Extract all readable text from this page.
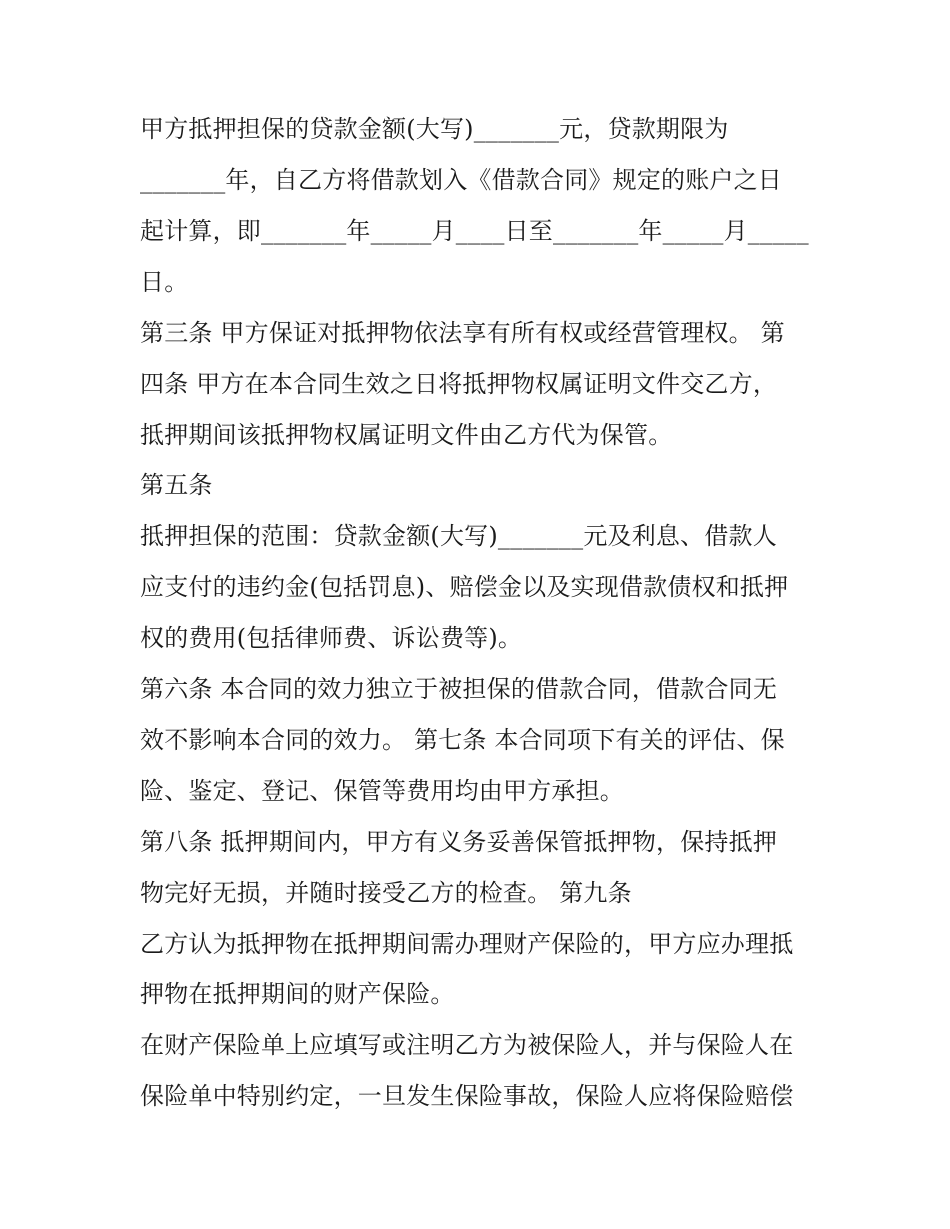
甲方抵押担保的贷款金额(大写)_______元，贷款期限为

_______年，自乙方将借款划入《借款合同》规定的账户之日

起计算，即_______年_____月____日至_______年_____月_____

日。

第三条 甲方保证对抵押物依法享有所有权或经营管理权。 第

四条 甲方在本合同生效之日将抵押物权属证明文件交乙方，

抵押期间该抵押物权属证明文件由乙方代为保管。

第五条

抵押担保的范围：贷款金额(大写)_______元及利息、借款人

应支付的违约金(包括罚息)、赔偿金以及实现借款债权和抵押

权的费用(包括律师费、诉讼费等)。

第六条 本合同的效力独立于被担保的借款合同，借款合同无

效不影响本合同的效力。 第七条 本合同项下有关的评估、保

险、鉴定、登记、保管等费用均由甲方承担。

第八条 抵押期间内，甲方有义务妥善保管抵押物，保持抵押

物完好无损，并随时接受乙方的检查。 第九条

乙方认为抵押物在抵押期间需办理财产保险的，甲方应办理抵

押物在抵押期间的财产保险。

在财产保险单上应填写或注明乙方为被保险人，并与保险人在

保险单中特别约定，一旦发生保险事故，保险人应将保险赔偿
